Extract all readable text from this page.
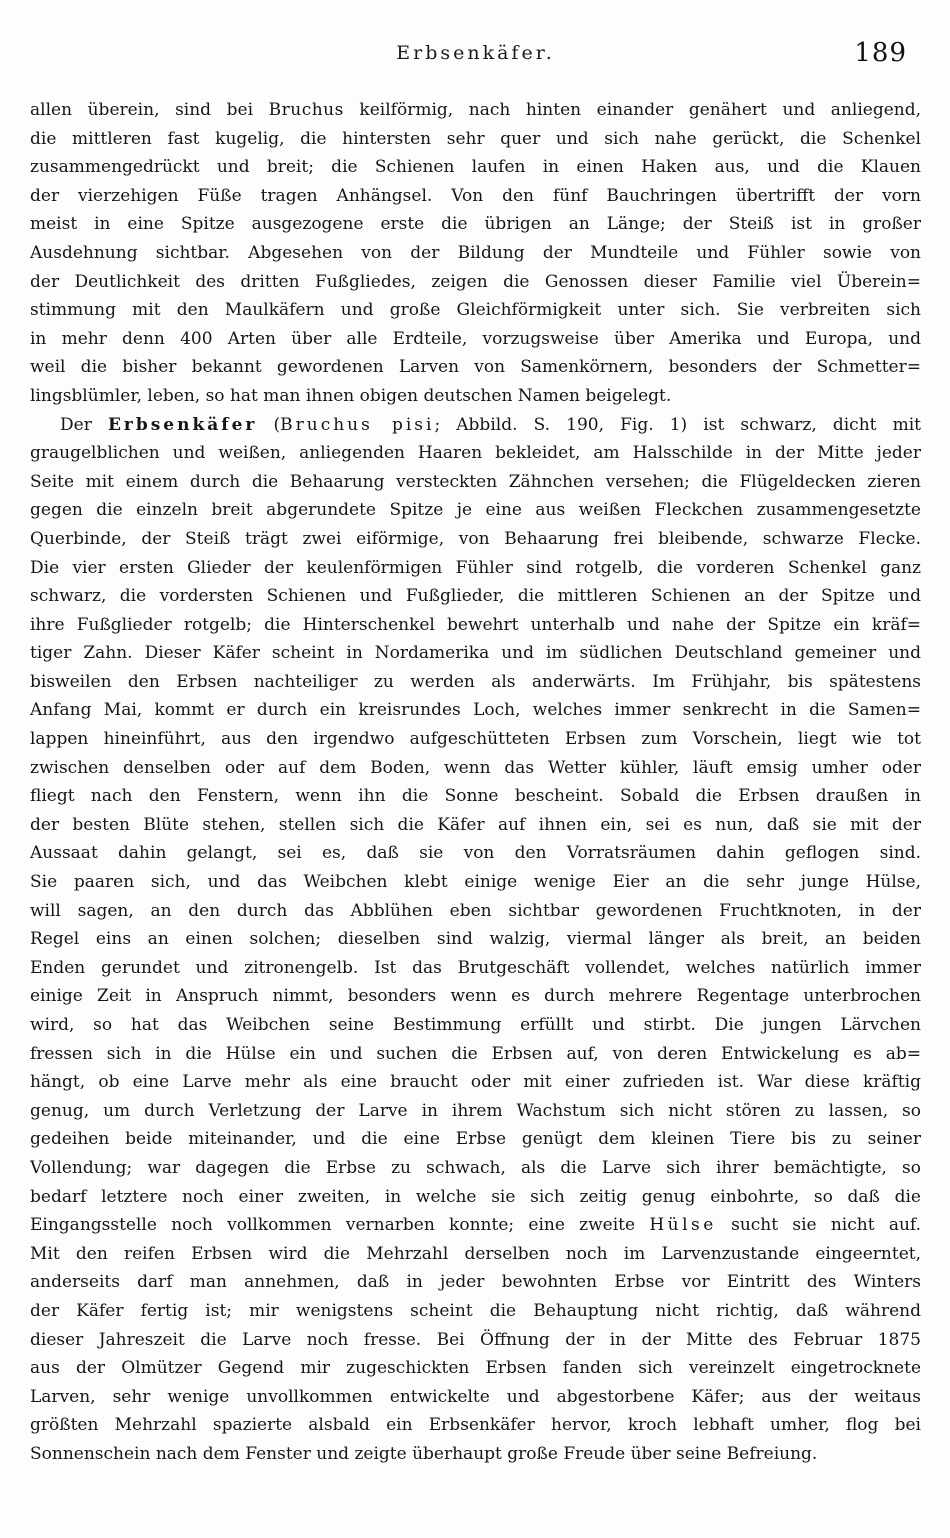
Erbsenkäfer.	189
allen überein, sind bei Bruchus keilförmig, nach hinten einander genähert und anliegend,
die mittleren fast kugelig, die hintersten sehr quer und sich nahe gerückt, die Schenkel
zusammengedrückt und breit; die Schienen laufen in einen Haken aus, und die Klauen
der vierzehigen Füße tragen Anhängsel. Von den fünf Bauchringen übertrifft der vorn
meist in eine Spitze ausgezogene erste die übrigen an Länge; der Steiß ist in großer
Ausdehnung sichtbar. Abgesehen von der Bildung der Mundteile und Fühler sowie von
der Deutlichkeit des dritten Fußgliedes, zeigen die Genossen dieser Familie viel Überein=
stimmung mit den Maulkäfern und große Gleichförmigkeit unter sich. Sie verbreiten sich
in mehr denn 400 Arten über alle Erdteile, vorzugsweise über Amerika und Europa, und
weil die bisher bekannt gewordenen Larven von Samenkörnern, besonders der Schmetter=
lingsblümler, leben, so hat man ihnen obigen deutschen Namen beigelegt.
Der Erbsenkäfer (Bruchus pisi; Abbild. S. 190, Fig. 1) ist schwarz, dicht mit
graugelblichen und weißen, anliegenden Haaren bekleidet, am Halsschilde in der Mitte jeder
Seite mit einem durch die Behaarung versteckten Zähnchen versehen; die Flügeldecken zieren
gegen die einzeln breit abgerundete Spitze je eine aus weißen Fleckchen zusammengesetzte
Querbinde, der Steiß trägt zwei eiförmige, von Behaarung frei bleibende, schwarze Flecke.
Die vier ersten Glieder der keulenförmigen Fühler sind rotgelb, die vorderen Schenkel ganz
schwarz, die vordersten Schienen und Fußglieder, die mittleren Schienen an der Spitze und
ihre Fußglieder rotgelb; die Hinterschenkel bewehrt unterhalb und nahe der Spitze ein kräf=
tiger Zahn. Dieser Käfer scheint in Nordamerika und im südlichen Deutschland gemeiner und
bisweilen den Erbsen nachteiliger zu werden als anderwärts. Im Frühjahr, bis spätestens
Anfang Mai, kommt er durch ein kreisrundes Loch, welches immer senkrecht in die Samen=
lappen hineinführt, aus den irgendwo aufgeschütteten Erbsen zum Vorschein, liegt wie tot
zwischen denselben oder auf dem Boden, wenn das Wetter kühler, läuft emsig umher oder
fliegt nach den Fenstern, wenn ihn die Sonne bescheint. Sobald die Erbsen draußen in
der besten Blüte stehen, stellen sich die Käfer auf ihnen ein, sei es nun, daß sie mit der
Aussaat dahin gelangt, sei es, daß sie von den Vorratsräumen dahin geflogen sind.
Sie paaren sich, und das Weibchen klebt einige wenige Eier an die sehr junge Hülse,
will sagen, an den durch das Abblühen eben sichtbar gewordenen Fruchtknoten, in der
Regel eins an einen solchen; dieselben sind walzig, viermal länger als breit, an beiden
Enden gerundet und zitronengelb. Ist das Brutgeschäft vollendet, welches natürlich immer
einige Zeit in Anspruch nimmt, besonders wenn es durch mehrere Regentage unterbrochen
wird, so hat das Weibchen seine Bestimmung erfüllt und stirbt. Die jungen Lärvchen
fressen sich in die Hülse ein und suchen die Erbsen auf, von deren Entwickelung es ab=
hängt, ob eine Larve mehr als eine braucht oder mit einer zufrieden ist. War diese kräftig
genug, um durch Verletzung der Larve in ihrem Wachstum sich nicht stören zu lassen, so
gedeihen beide miteinander, und die eine Erbse genügt dem kleinen Tiere bis zu seiner
Vollendung; war dagegen die Erbse zu schwach, als die Larve sich ihrer bemächtigte, so
bedarf letztere noch einer zweiten, in welche sie sich zeitig genug einbohrte, so daß die
Eingangsstelle noch vollkommen vernarben konnte; eine zweite Hülse sucht sie nicht auf.
Mit den reifen Erbsen wird die Mehrzahl derselben noch im Larvenzustande eingeerntet,
anderseits darf man annehmen, daß in jeder bewohnten Erbse vor Eintritt des Winters
der Käfer fertig ist; mir wenigstens scheint die Behauptung nicht richtig, daß während
dieser Jahreszeit die Larve noch fresse. Bei Öffnung der in der Mitte des Februar 1875
aus der Olmützer Gegend mir zugeschickten Erbsen fanden sich vereinzelt eingetrocknete
Larven, sehr wenige unvollkommen entwickelte und abgestorbene Käfer; aus der weitaus
größten Mehrzahl spazierte alsbald ein Erbsenkäfer hervor, kroch lebhaft umher, flog bei
Sonnenschein nach dem Fenster und zeigte überhaupt große Freude über seine Befreiung.
